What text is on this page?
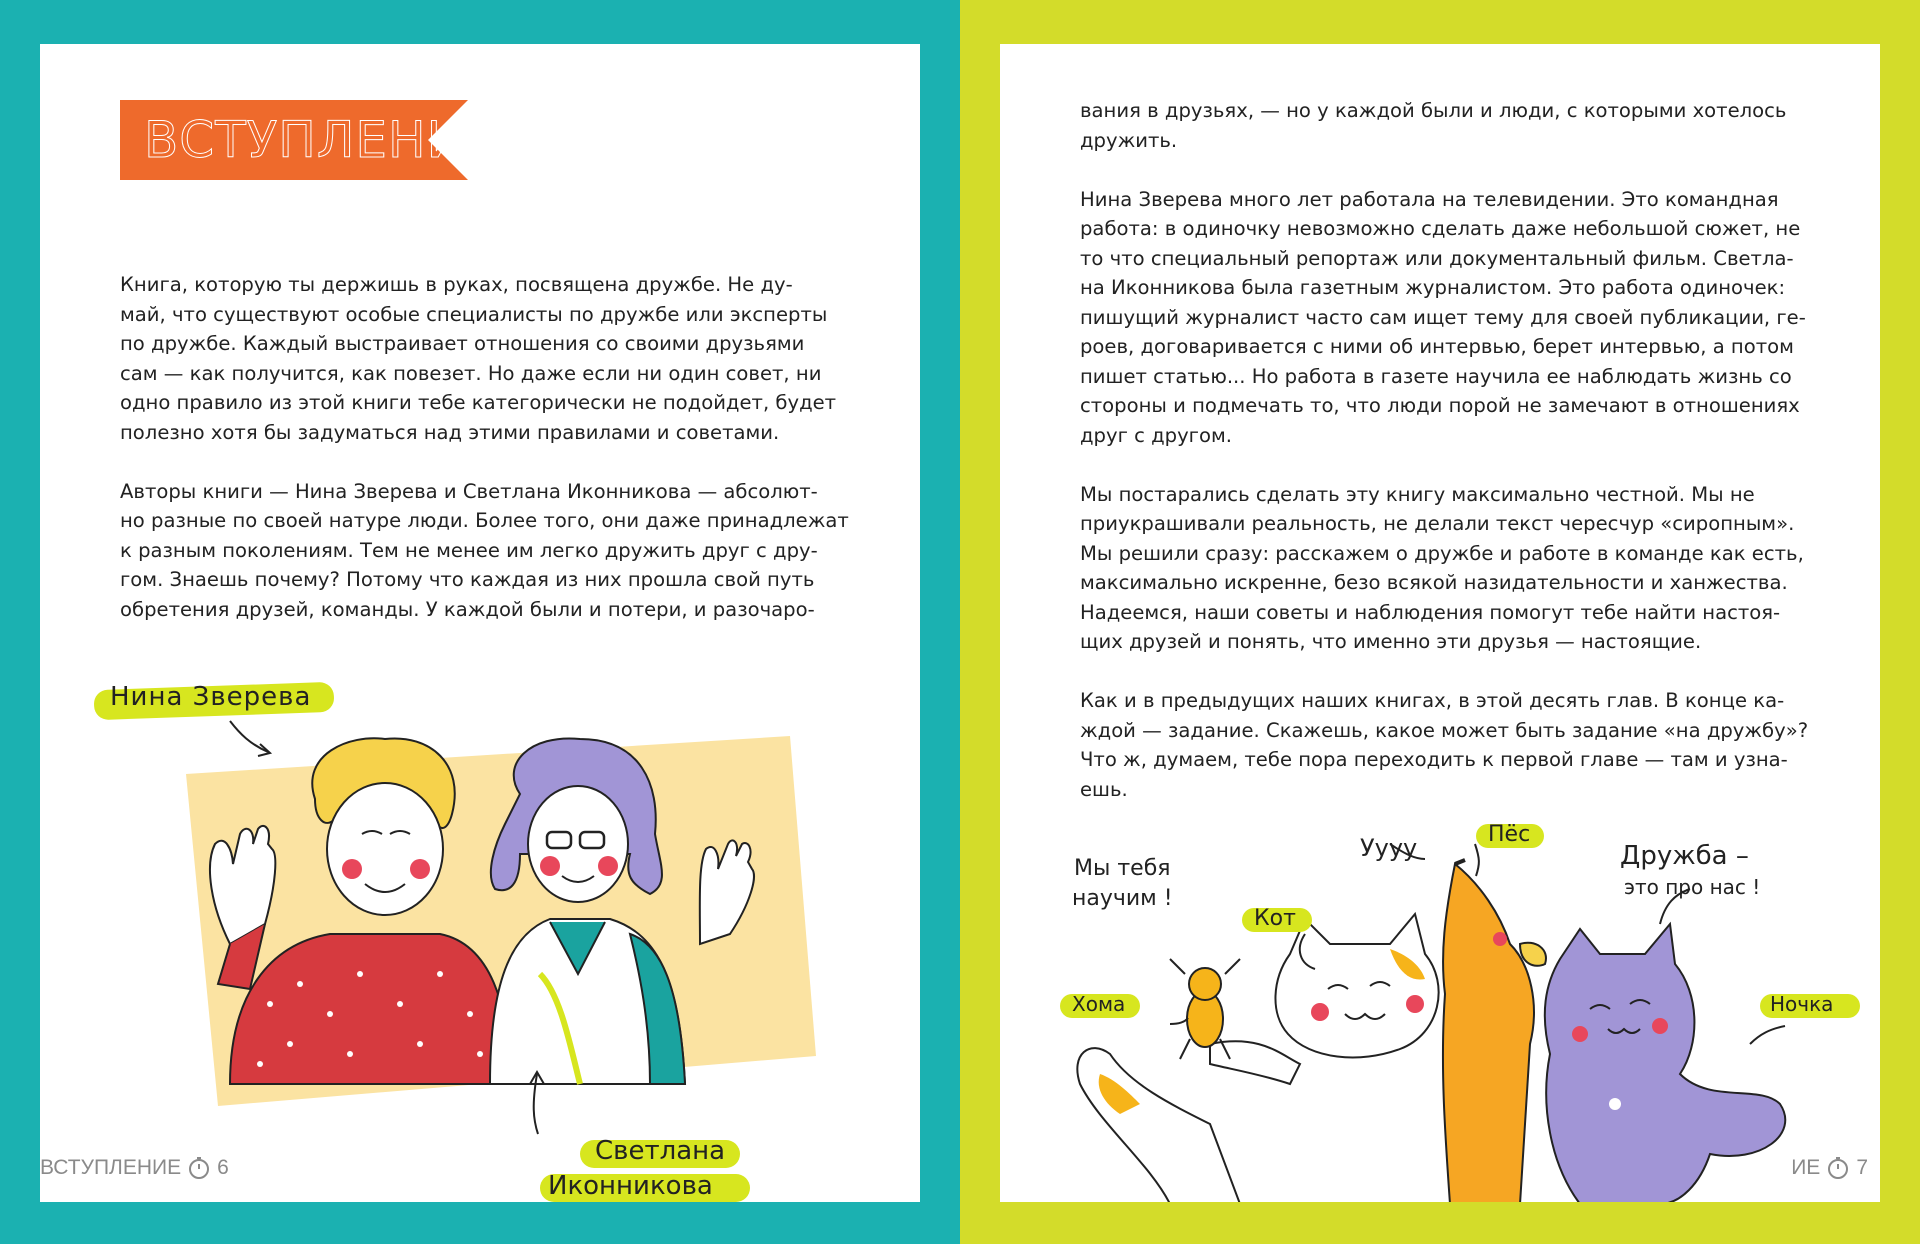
ВСТУПЛЕНИЕ

Книга, которую ты держишь в руках, посвящена дружбе. Не ду-
май, что существуют особые специалисты по дружбе или эксперты
по дружбе. Каждый выстраивает отношения со своими друзьями
сам — как получится, как повезет. Но даже если ни один совет, ни
одно правило из этой книги тебе категорически не подойдет, будет
полезно хотя бы задуматься над этими правилами и советами.

Авторы книги — Нина Зверева и Светлана Иконникова — абсолют-
но разные по своей натуре люди. Более того, они даже принадлежат
к разным поколениям. Тем не менее им легко дружить друг с дру-
гом. Знаешь почему? Потому что каждая из них прошла свой путь
обретения друзей, команды. У каждой были и потери, и разочаро-

Нина Зверева
Светлана
Иконникова
ВСТУПЛЕНИЕ 6

вания в друзьях, — но у каждой были и люди, с которыми хотелось
дружить.

Нина Зверева много лет работала на телевидении. Это командная
работа: в одиночку невозможно сделать даже небольшой сюжет, не
то что специальный репортаж или документальный фильм. Светла-
на Иконникова была газетным журналистом. Это работа одиночек:
пишущий журналист часто сам ищет тему для своей публикации, ге-
роев, договаривается с ними об интервью, берет интервью, а потом
пишет статью... Но работа в газете научила ее наблюдать жизнь со
стороны и подмечать то, что люди порой не замечают в отношениях
друг с другом.

Мы постарались сделать эту книгу максимально честной. Мы не
приукрашивали реальность, не делали текст чересчур «сиропным».
Мы решили сразу: расскажем о дружбе и работе в команде как есть,
максимально искренне, безо всякой назидательности и ханжества.
Надеемся, наши советы и наблюдения помогут тебе найти настоя-
щих друзей и понять, что именно эти друзья — настоящие.

Как и в предыдущих наших книгах, в этой десять глав. В конце ка-
ждой — задание. Скажешь, какое может быть задание «на дружбу»?
Что ж, думаем, тебе пора переходить к первой главе — там и узна-
ешь.

Мы тебя
научим !
Кот
Уууу	Пёс
Дружба –
это про нас !
Хома	Ночка
ИЕ 7
